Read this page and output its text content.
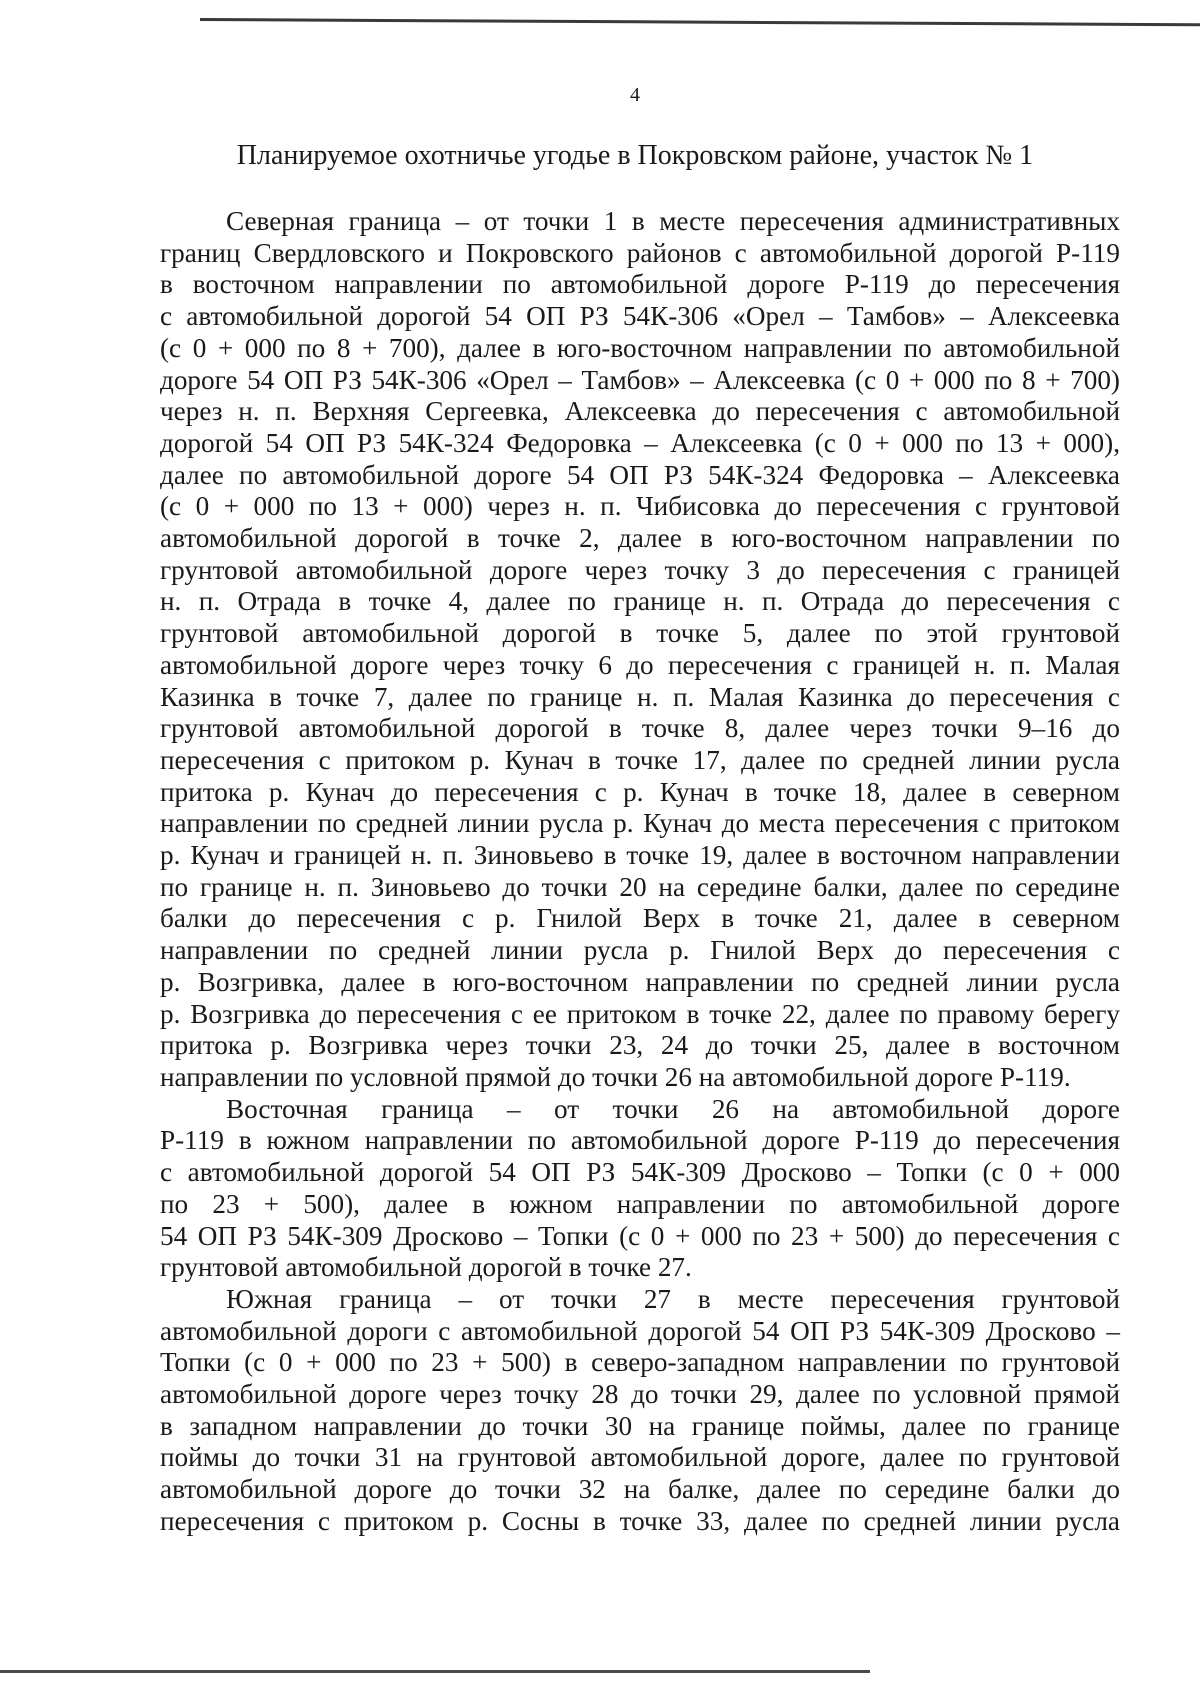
4
Планируемое охотничье угодье в Покровском районе, участок № 1
Северная граница – от точки 1 в месте пересечения административных
границ Свердловского и Покровского районов с автомобильной дорогой Р-119
в восточном направлении по автомобильной дороге Р-119 до пересечения
с автомобильной дорогой 54 ОП РЗ 54К-306 «Орел – Тамбов» – Алексеевка
(с 0 + 000 по 8 + 700), далее в юго-восточном направлении по автомобильной
дороге 54 ОП РЗ 54К-306 «Орел – Тамбов» – Алексеевка (с 0 + 000 по 8 + 700)
через н. п. Верхняя Сергеевка, Алексеевка до пересечения с автомобильной
дорогой 54 ОП РЗ 54К-324 Федоровка – Алексеевка (с 0 + 000 по 13 + 000),
далее по автомобильной дороге 54 ОП РЗ 54К-324 Федоровка – Алексеевка
(с 0 + 000 по 13 + 000) через н. п. Чибисовка до пересечения с грунтовой
автомобильной дорогой в точке 2, далее в юго-восточном направлении по
грунтовой автомобильной дороге через точку 3 до пересечения с границей
н. п. Отрада в точке 4, далее по границе н. п. Отрада до пересечения с
грунтовой автомобильной дорогой в точке 5, далее по этой грунтовой
автомобильной дороге через точку 6 до пересечения с границей н. п. Малая
Казинка в точке 7, далее по границе н. п. Малая Казинка до пересечения с
грунтовой автомобильной дорогой в точке 8, далее через точки 9–16 до
пересечения с притоком р. Кунач в точке 17, далее по средней линии русла
притока р. Кунач до пересечения с р. Кунач в точке 18, далее в северном
направлении по средней линии русла р. Кунач до места пересечения с притоком
р. Кунач и границей н. п. Зиновьево в точке 19, далее в восточном направлении
по границе н. п. Зиновьево до точки 20 на середине балки, далее по середине
балки до пересечения с р. Гнилой Верх в точке 21, далее в северном
направлении по средней линии русла р. Гнилой Верх до пересечения с
р. Возгривка, далее в юго-восточном направлении по средней линии русла
р. Возгривка до пересечения с ее притоком в точке 22, далее по правому берегу
притока р. Возгривка через точки 23, 24 до точки 25, далее в восточном
направлении по условной прямой до точки 26 на автомобильной дороге Р-119.
Восточная граница – от точки 26 на автомобильной дороге
Р-119 в южном направлении по автомобильной дороге Р-119 до пересечения
с автомобильной дорогой 54 ОП РЗ 54К-309 Дросково – Топки (с 0 + 000
по 23 + 500), далее в южном направлении по автомобильной дороге
54 ОП РЗ 54К-309 Дросково – Топки (с 0 + 000 по 23 + 500) до пересечения с
грунтовой автомобильной дорогой в точке 27.
Южная граница – от точки 27 в месте пересечения грунтовой
автомобильной дороги с автомобильной дорогой 54 ОП РЗ 54К-309 Дросково –
Топки (с 0 + 000 по 23 + 500) в северо-западном направлении по грунтовой
автомобильной дороге через точку 28 до точки 29, далее по условной прямой
в западном направлении до точки 30 на границе поймы, далее по границе
поймы до точки 31 на грунтовой автомобильной дороге, далее по грунтовой
автомобильной дороге до точки 32 на балке, далее по середине балки до
пересечения с притоком р. Сосны в точке 33, далее по средней линии русла
